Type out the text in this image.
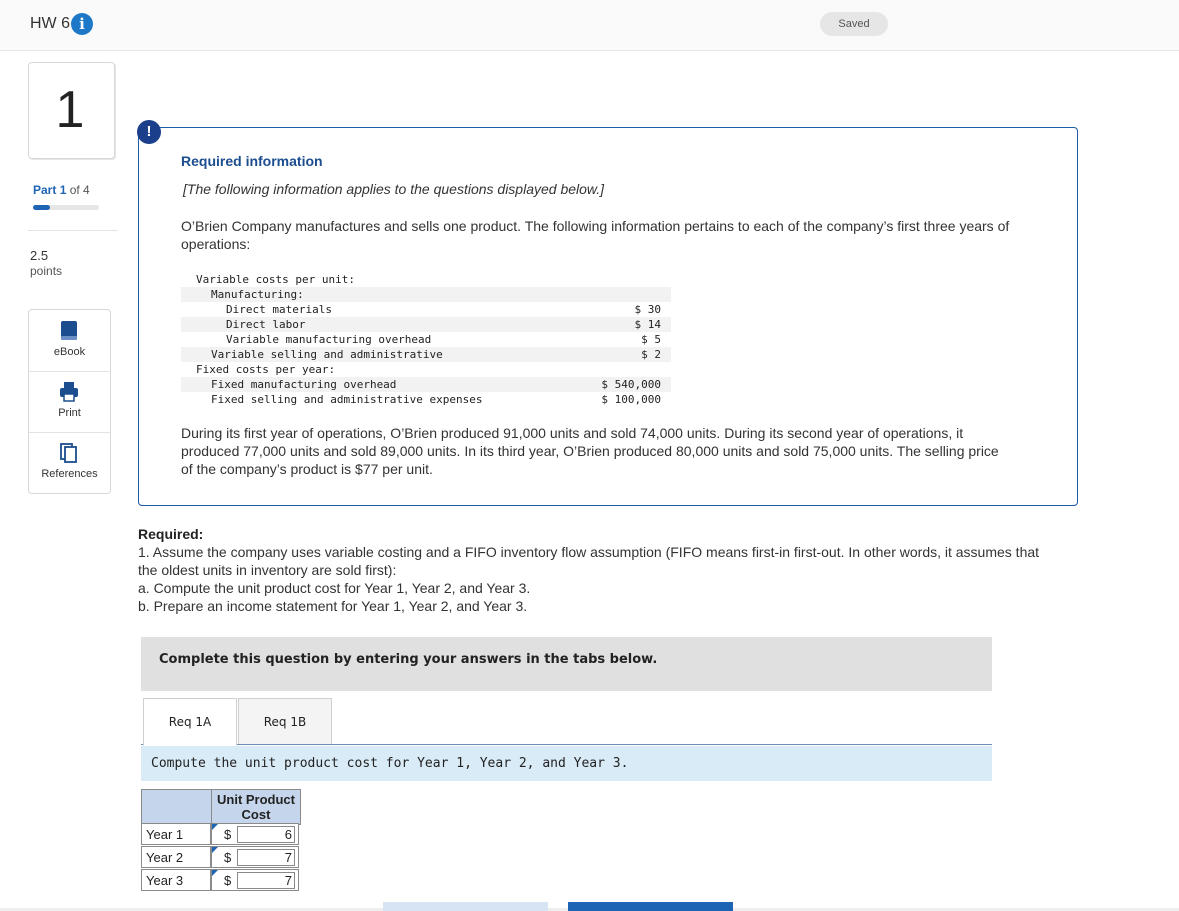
HW 6 i	Saved
1
Part 1 of 4
2.5
points
eBook
Print
References
!
Required information
[The following information applies to the questions displayed below.]
O’Brien Company manufactures and sells one product. The following information pertains to each of the company’s first three years of operations:
Variable costs per unit:
Manufacturing:
Direct materials	$ 30
Direct labor	$ 14
Variable manufacturing overhead	$ 5
Variable selling and administrative	$ 2
Fixed costs per year:
Fixed manufacturing overhead	$ 540,000
Fixed selling and administrative expenses	$ 100,000
During its first year of operations, O’Brien produced 91,000 units and sold 74,000 units. During its second year of operations, it produced 77,000 units and sold 89,000 units. In its third year, O’Brien produced 80,000 units and sold 75,000 units. The selling price of the company’s product is $77 per unit.
Required:
1. Assume the company uses variable costing and a FIFO inventory flow assumption (FIFO means first-in first-out. In other words, it assumes that the oldest units in inventory are sold first):
a. Compute the unit product cost for Year 1, Year 2, and Year 3.
b. Prepare an income statement for Year 1, Year 2, and Year 3.
Complete this question by entering your answers in the tabs below.
Req 1A	Req 1B
Compute the unit product cost for Year 1, Year 2, and Year 3.
Unit Product Cost
Year 1	$	6
Year 2	$	7
Year 3	$	7
